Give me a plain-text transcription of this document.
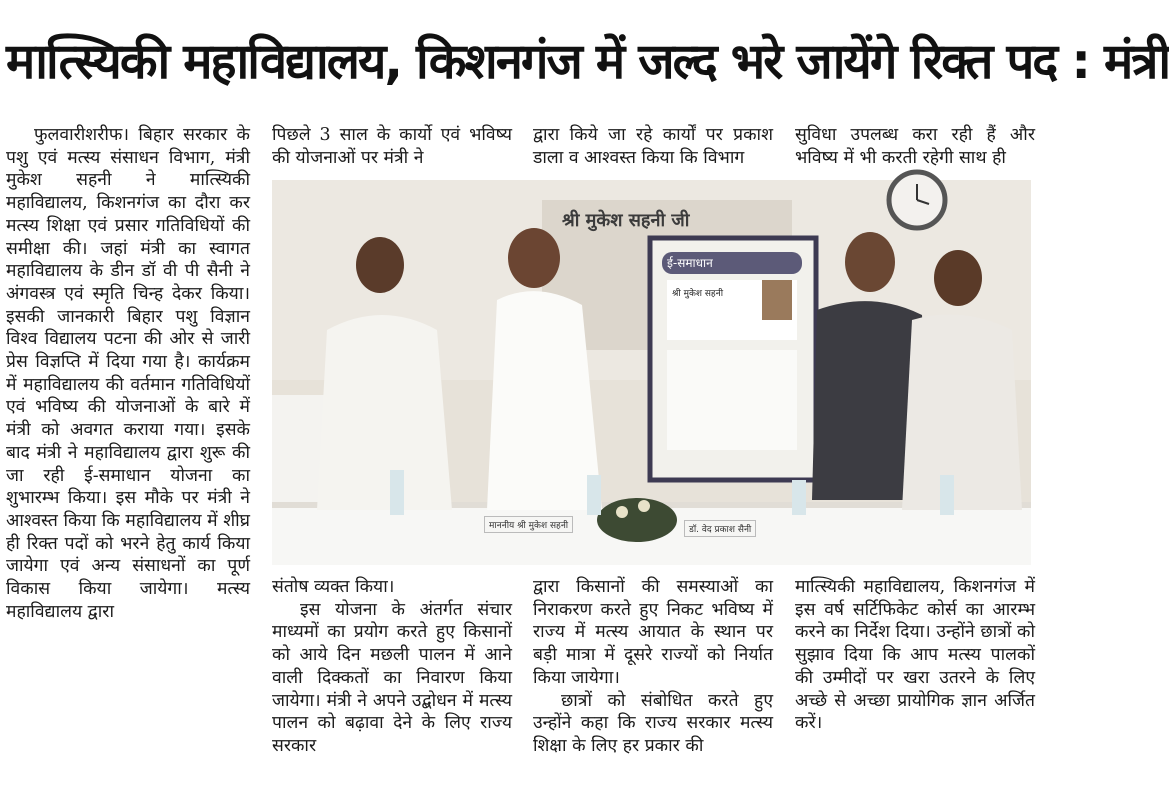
मात्स्यिकी महाविद्यालय, किशनगंज में जल्द भरे जायेंगे रिक्त पद : मंत्री

फुलवारीशरीफ। बिहार सरकार के पशु एवं मत्स्य संसाधन विभाग, मंत्री मुकेश सहनी ने मात्स्यिकी महाविद्यालय, किशनगंज का दौरा कर मत्स्य शिक्षा एवं प्रसार गतिविधियों की समीक्षा की। जहां मंत्री का स्वागत महाविद्यालय के डीन डॉ वी पी सैनी ने अंगवस्त्र एवं स्मृति चिन्ह देकर किया। इसकी जानकारी बिहार पशु विज्ञान विश्व विद्यालय पटना की ओर से जारी प्रेस विज्ञप्ति में दिया गया है। कार्यक्रम में महाविद्यालय की वर्तमान गतिविधियों एवं भविष्य की योजनाओं के बारे में मंत्री को अवगत कराया गया। इसके बाद मंत्री ने महाविद्यालय द्वारा शुरू की जा रही ई-समाधान योजना का शुभारम्भ किया। इस मौके पर मंत्री ने आश्वस्त किया कि महाविद्यालय में शीघ्र ही रिक्त पदों को भरने हेतु कार्य किया जायेगा एवं अन्य संसाधनों का पूर्ण विकास किया जायेगा। मत्स्य महाविद्यालय द्वारा

पिछले 3 साल के कार्यो एवं भविष्य की योजनाओं पर मंत्री ने

द्वारा किये जा रहे कार्यों पर प्रकाश डाला व आश्वस्त किया कि विभाग

सुविधा उपलब्ध करा रही हैं और भविष्य में भी करती रहेगी साथ ही

श्री मुकेश सहनी जी
ई-समाधान
श्री मुकेश सहनी
माननीय श्री मुकेश सहनी	डॉ. वेद प्रकाश सैनी

संतोष व्यक्त किया।

इस योजना के अंतर्गत संचार माध्यमों का प्रयोग करते हुए किसानों को आये दिन मछली पालन में आने वाली दिक्कतों का निवारण किया जायेगा। मंत्री ने अपने उद्बोधन में मत्स्य पालन को बढ़ावा देने के लिए राज्य सरकार

द्वारा किसानों की समस्याओं का निराकरण करते हुए निकट भविष्य में राज्य में मत्स्य आयात के स्थान पर बड़ी मात्रा में दूसरे राज्यों को निर्यात किया जायेगा।

छात्रों को संबोधित करते हुए उन्होंने कहा कि राज्य सरकार मत्स्य शिक्षा के लिए हर प्रकार की

मात्स्यिकी महाविद्यालय, किशनगंज में इस वर्ष सर्टिफिकेट कोर्स का आरम्भ करने का निर्देश दिया। उन्होंने छात्रों को सुझाव दिया कि आप मत्स्य पालकों की उम्मीदों पर खरा उतरने के लिए अच्छे से अच्छा प्रायोगिक ज्ञान अर्जित करें।
